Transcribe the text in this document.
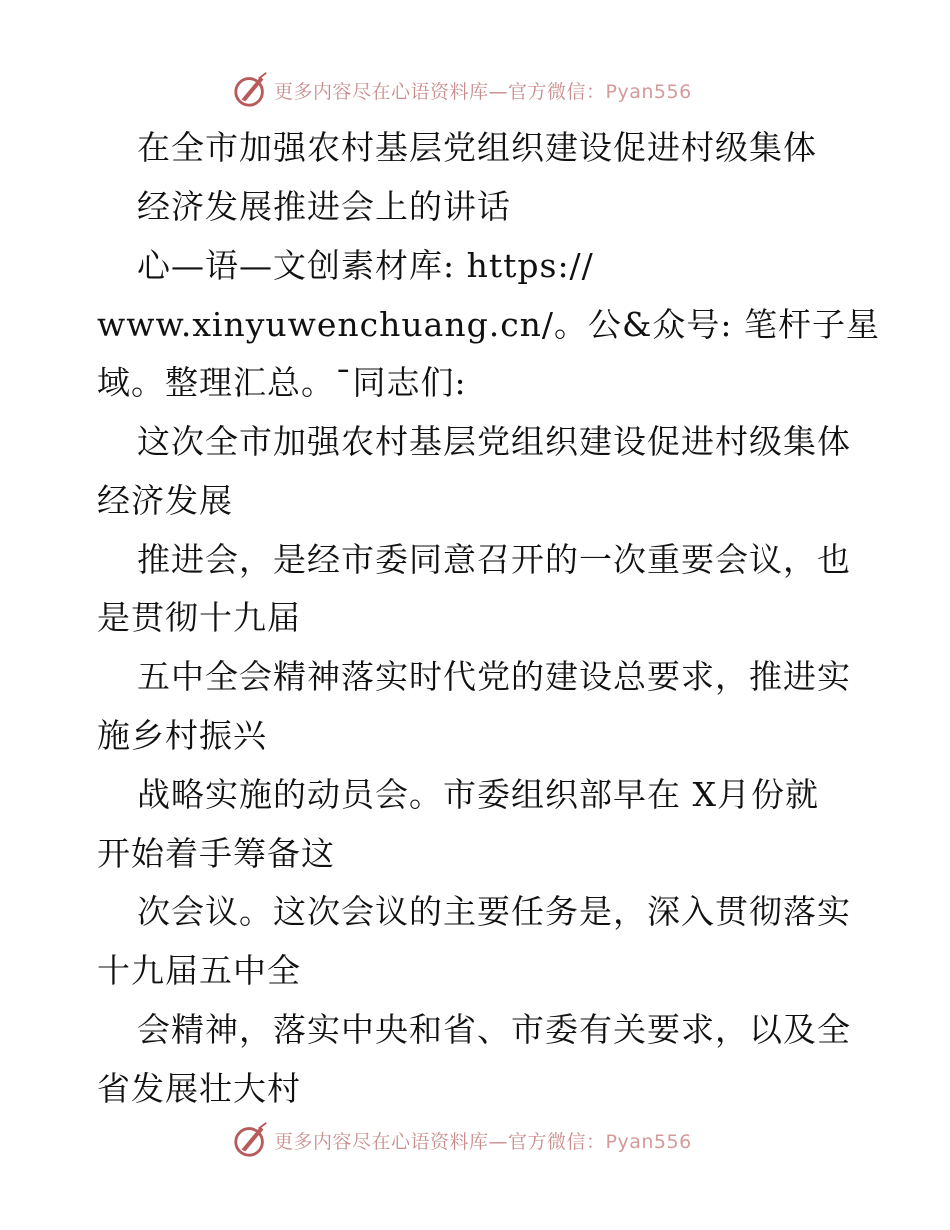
更多内容尽在心语资料库—官方微信：Pyan556
在全市加强农村基层党组织建设促进村级集体
经济发展推进会上的讲话
心—语—文创素材库: https://
www.xinyuwenchuang.cn/。公&众号: 笔杆子星
域。整理汇总。¯同志们:
这次全市加强农村基层党组织建设促进村级集体
经济发展
推进会，是经市委同意召开的一次重要会议，也
是贯彻十九届
五中全会精神落实时代党的建设总要求，推进实
施乡村振兴
战略实施的动员会。市委组织部早在 X月份就
开始着手筹备这
次会议。这次会议的主要任务是，深入贯彻落实
十九届五中全
会精神，落实中央和省、市委有关要求，以及全
省发展壮大村
更多内容尽在心语资料库—官方微信：Pyan556
